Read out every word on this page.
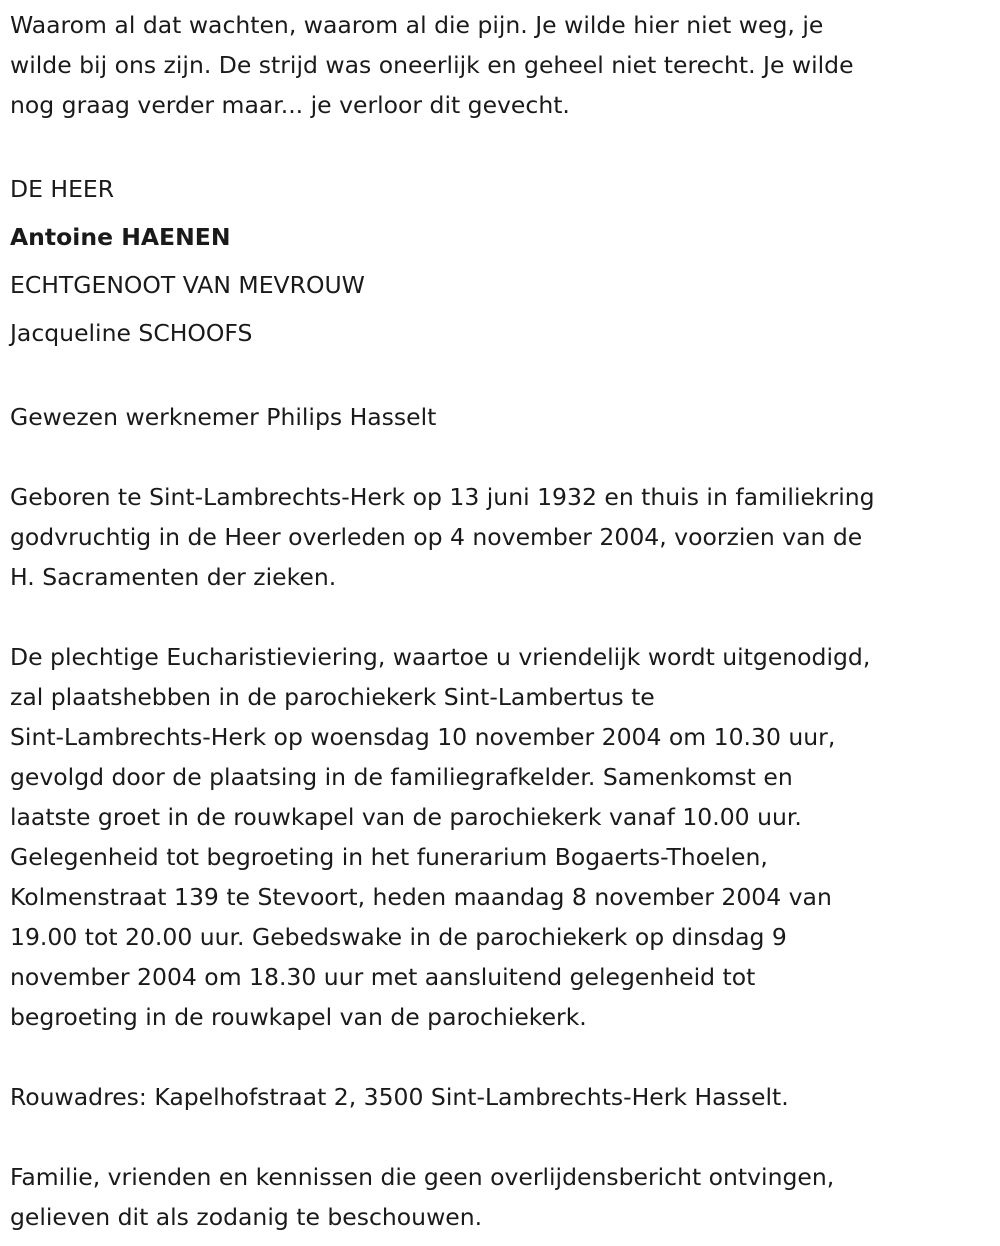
Waarom al dat wachten, waarom al die pijn. Je wilde hier niet weg, je
wilde bij ons zijn. De strijd was oneerlijk en geheel niet terecht. Je wilde
nog graag verder maar... je verloor dit gevecht.

DE HEER
Antoine HAENEN
ECHTGENOOT VAN MEVROUW
Jacqueline SCHOOFS

Gewezen werknemer Philips Hasselt

Geboren te Sint-Lambrechts-Herk op 13 juni 1932 en thuis in familiekring
godvruchtig in de Heer overleden op 4 november 2004, voorzien van de
H. Sacramenten der zieken.

De plechtige Eucharistieviering, waartoe u vriendelijk wordt uitgenodigd,
zal plaatshebben in de parochiekerk Sint-Lambertus te
Sint-Lambrechts-Herk op woensdag 10 november 2004 om 10.30 uur,
gevolgd door de plaatsing in de familiegrafkelder. Samenkomst en
laatste groet in de rouwkapel van de parochiekerk vanaf 10.00 uur.
Gelegenheid tot begroeting in het funerarium Bogaerts-Thoelen,
Kolmenstraat 139 te Stevoort, heden maandag 8 november 2004 van
19.00 tot 20.00 uur. Gebedswake in de parochiekerk op dinsdag 9
november 2004 om 18.30 uur met aansluitend gelegenheid tot
begroeting in de rouwkapel van de parochiekerk.

Rouwadres: Kapelhofstraat 2, 3500 Sint-Lambrechts-Herk Hasselt.

Familie, vrienden en kennissen die geen overlijdensbericht ontvingen,
gelieven dit als zodanig te beschouwen.
